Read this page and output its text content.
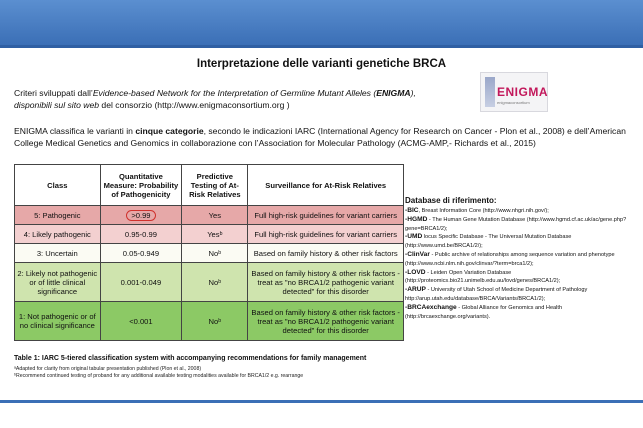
Interpretazione delle varianti genetiche BRCA
Criteri sviluppati dall’Evidence-based Network for the Interpretation of Germline Mutant Alleles (ENIGMA),
disponibili sul sito web del consorzio (http://www.enigmaconsortium.org )
ENIGMA
enigmaconsortium
ENIGMA classifica le varianti in cinque categorie, secondo le indicazioni IARC (International Agency for Research on Cancer - Plon et al., 2008) e dell’American College Medical Genetics and Genomics in collaborazione con l’Association for Molecular Pathology (ACMG-AMP,- Richards et al., 2015)
Class	Quantitative Measure: Probability of Pathogenicity	Predictive Testing of At-Risk Relatives	Surveillance for At-Risk Relatives
5: Pathogenic	>0.99	Yes	Full high-risk guidelines for variant carriers
4: Likely pathogenic	0.95-0.99	Yesᵇ	Full high-risk guidelines for variant carriers
3: Uncertain	0.05-0.949	Noᵇ	Based on family history & other risk factors
2: Likely not pathogenic or of little clinical significance	0.001-0.049	Noᵇ	Based on family history & other risk factors - treat as "no BRCA1/2 pathogenic variant detected" for this disorder
1: Not pathogenic or of no clinical significance	<0.001	Noᵇ	Based on family history & other risk factors - treat as "no BRCA1/2 pathogenic variant detected" for this disorder
Table 1: IARC 5-tiered classification system with accompanying recommendations for family management
ᵃAdapted for clarity from original tabular presentation published (Plon et al., 2008)
ᵇRecommend continued testing of proband for any additional available testing modalities available for BRCA1/2 e.g. rearrange
Database di riferimento:

-BIC, Breast Information Core (http://www.nhgri.nih.gov/);

-HGMD - The Human Gene Mutation Database (http://www.hgmd.cf.ac.uk/ac/gene.php?gene=BRCA1/2);

-UMD locus Specific Database - The Universal Mutation Database (http://www.umd.be/BRCA1/2/);

-ClinVar - Public archive of relationships among sequence variation and phenotype (http://www.ncbi.nlm.nih.gov/clinvar/?term=brca1/2);

-LOVD - Leiden Open Variation Database (http://proteomics.bio21.unimelb.edu.au/lovd/genes/BRCA1/2);

-ARUP - University of Utah School of Medicine Department of Pathology http://arup.utah.edu/database/BRCA/Variants/BRCA1/2);

-BRCAexchange - Global Alliance for Genomics and Health (http://brcaexchange.org/variants).
